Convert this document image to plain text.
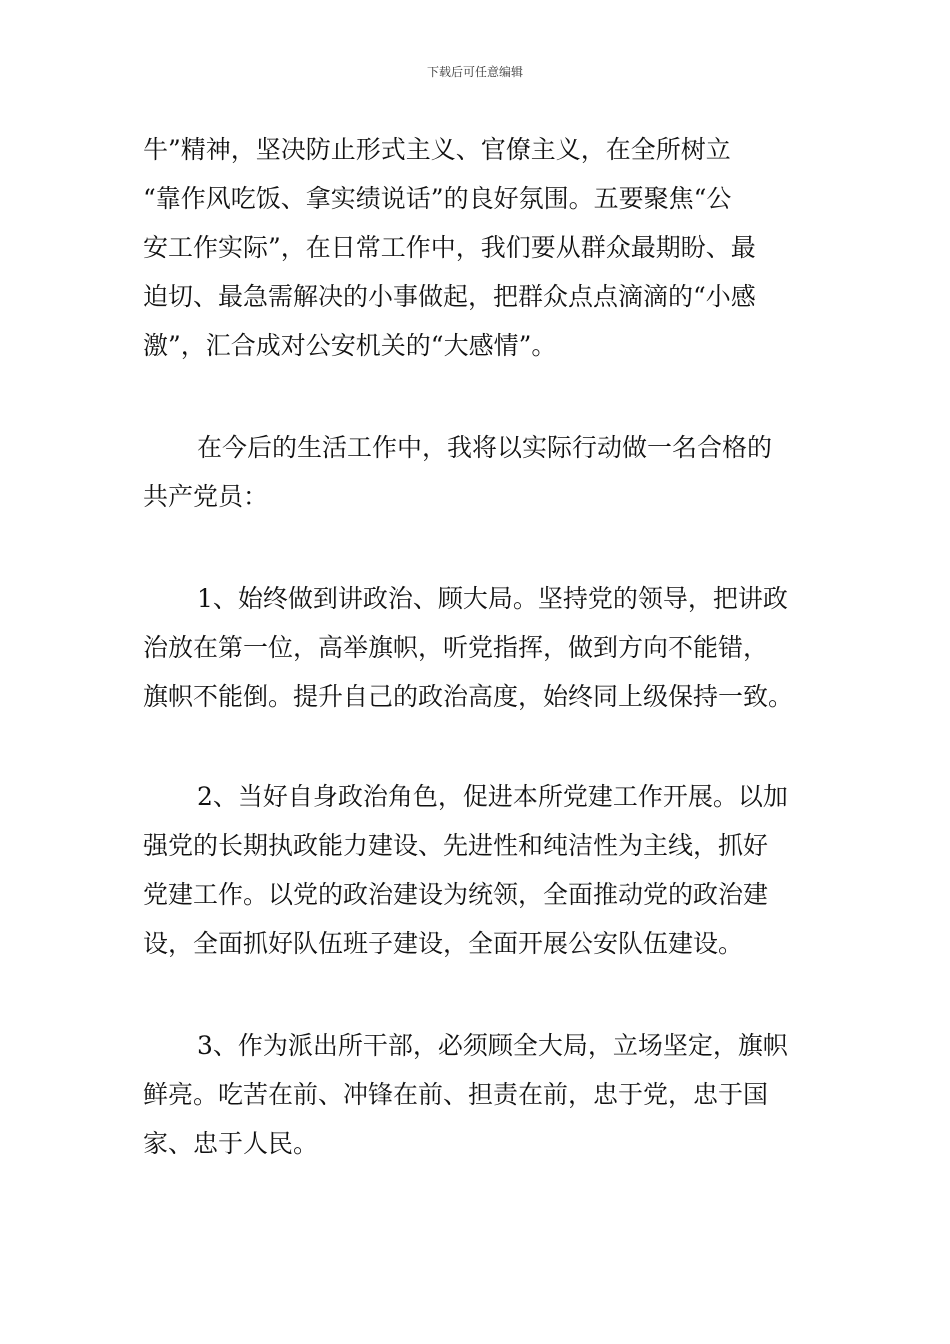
下载后可任意编辑
牛”精神，坚决防止形式主义、官僚主义，在全所树立
“靠作风吃饭、拿实绩说话”的良好氛围。五要聚焦“公
安工作实际”，在日常工作中，我们要从群众最期盼、最
迫切、最急需解决的小事做起，把群众点点滴滴的“小感
激”，汇合成对公安机关的“大感情”。
在今后的生活工作中，我将以实际行动做一名合格的
共产党员：
1、始终做到讲政治、顾大局。坚持党的领导，把讲政
治放在第一位，高举旗帜，听党指挥，做到方向不能错，
旗帜不能倒。提升自己的政治高度，始终同上级保持一致。
2、当好自身政治角色，促进本所党建工作开展。以加
强党的长期执政能力建设、先进性和纯洁性为主线，抓好
党建工作。以党的政治建设为统领，全面推动党的政治建
设，全面抓好队伍班子建设，全面开展公安队伍建设。
3、作为派出所干部，必须顾全大局，立场坚定，旗帜
鲜亮。吃苦在前、冲锋在前、担责在前，忠于党，忠于国
家、忠于人民。
